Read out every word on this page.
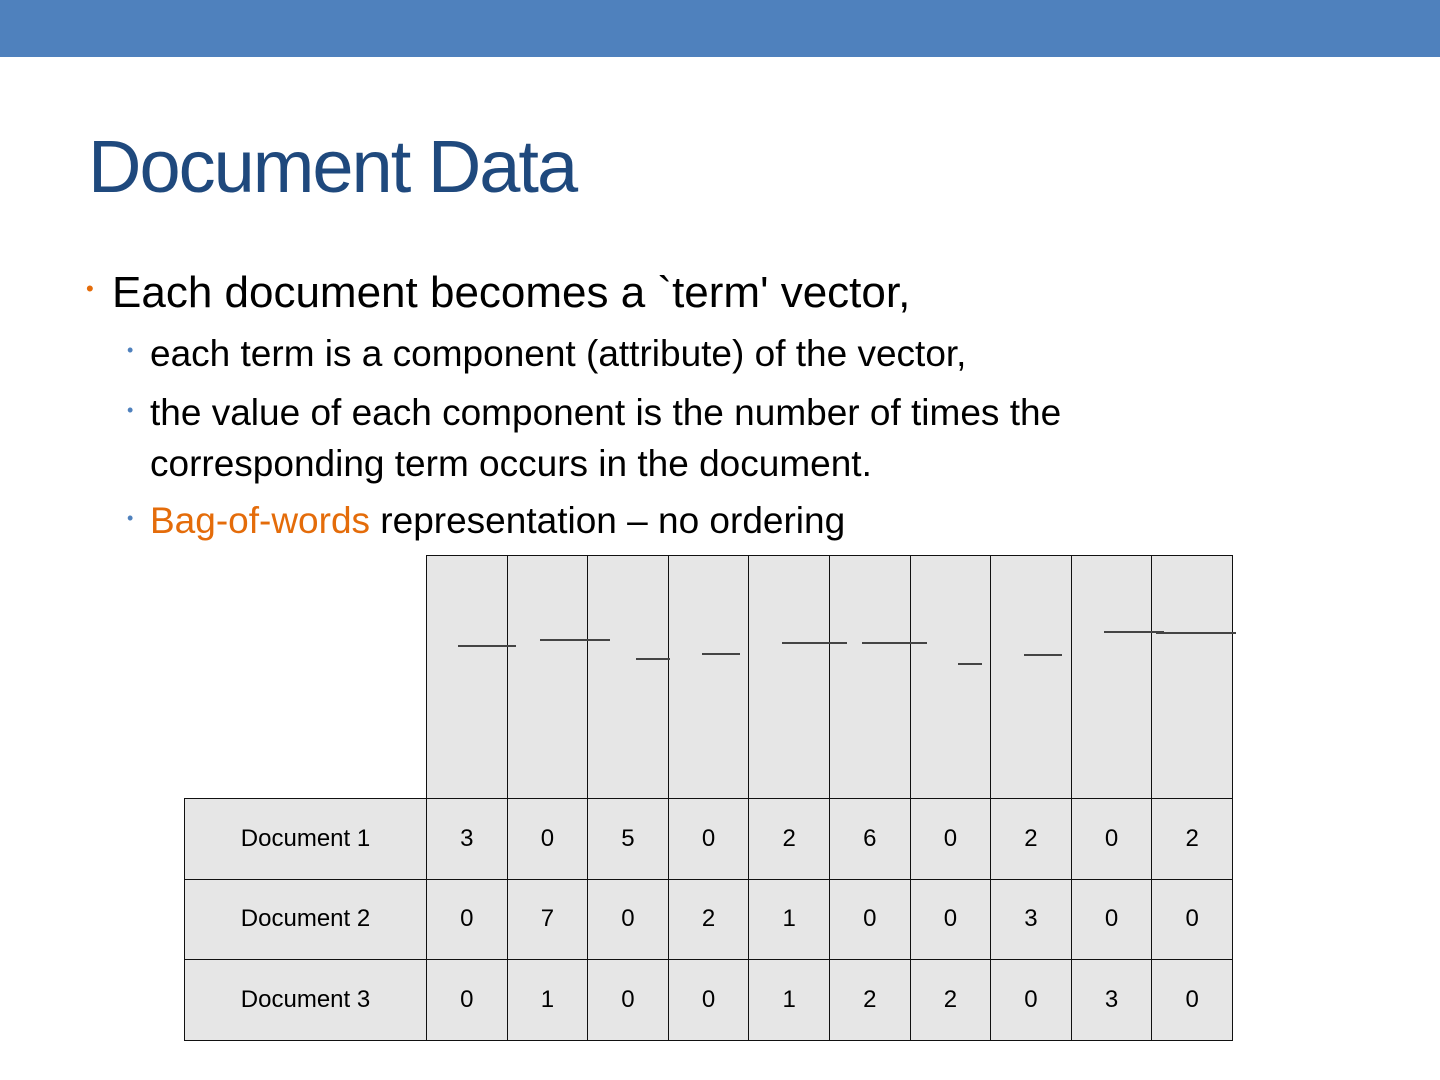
Document Data
• Each document becomes a `term' vector,
• each term is a component (attribute) of the vector,
• the value of each component is the number of times the
corresponding term occurs in the document.
• Bag-of-words representation – no ordering
Document 1	3	0	5	0	2	6	0	2	0	2
Document 2	0	7	0	2	1	0	0	3	0	0
Document 3	0	1	0	0	1	2	2	0	3	0
